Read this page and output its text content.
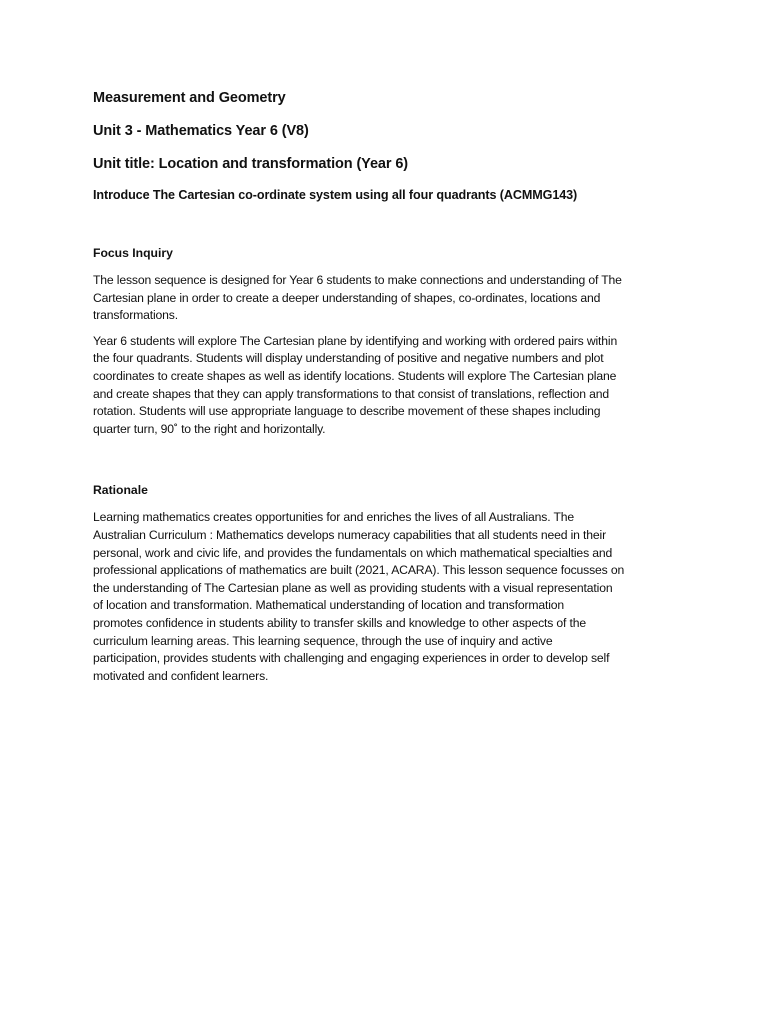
Measurement and Geometry
Unit 3 - Mathematics Year 6 (V8)
Unit title: Location and transformation (Year 6)
Introduce The Cartesian co-ordinate system using all four quadrants (ACMMG143)
Focus Inquiry
The lesson sequence is designed for Year 6 students to make connections and understanding of The
Cartesian plane in order to create a deeper understanding of shapes, co-ordinates, locations and
transformations.
Year 6 students will explore The Cartesian plane by identifying and working with ordered pairs within
the four quadrants. Students will display understanding of positive and negative numbers and plot
coordinates to create shapes as well as identify locations. Students will explore The Cartesian plane
and create shapes that they can apply transformations to that consist of translations, reflection and
rotation. Students will use appropriate language to describe movement of these shapes including
quarter turn, 90˚ to the right and horizontally.
Rationale
Learning mathematics creates opportunities for and enriches the lives of all Australians. The
Australian Curriculum : Mathematics develops numeracy capabilities that all students need in their
personal, work and civic life, and provides the fundamentals on which mathematical specialties and
professional applications of mathematics are built (2021, ACARA). This lesson sequence focusses on
the understanding of The Cartesian plane as well as providing students with a visual representation
of location and transformation. Mathematical understanding of location and transformation
promotes confidence in students ability to transfer skills and knowledge to other aspects of the
curriculum learning areas. This learning sequence, through the use of inquiry and active
participation, provides students with challenging and engaging experiences in order to develop self
motivated and confident learners.
